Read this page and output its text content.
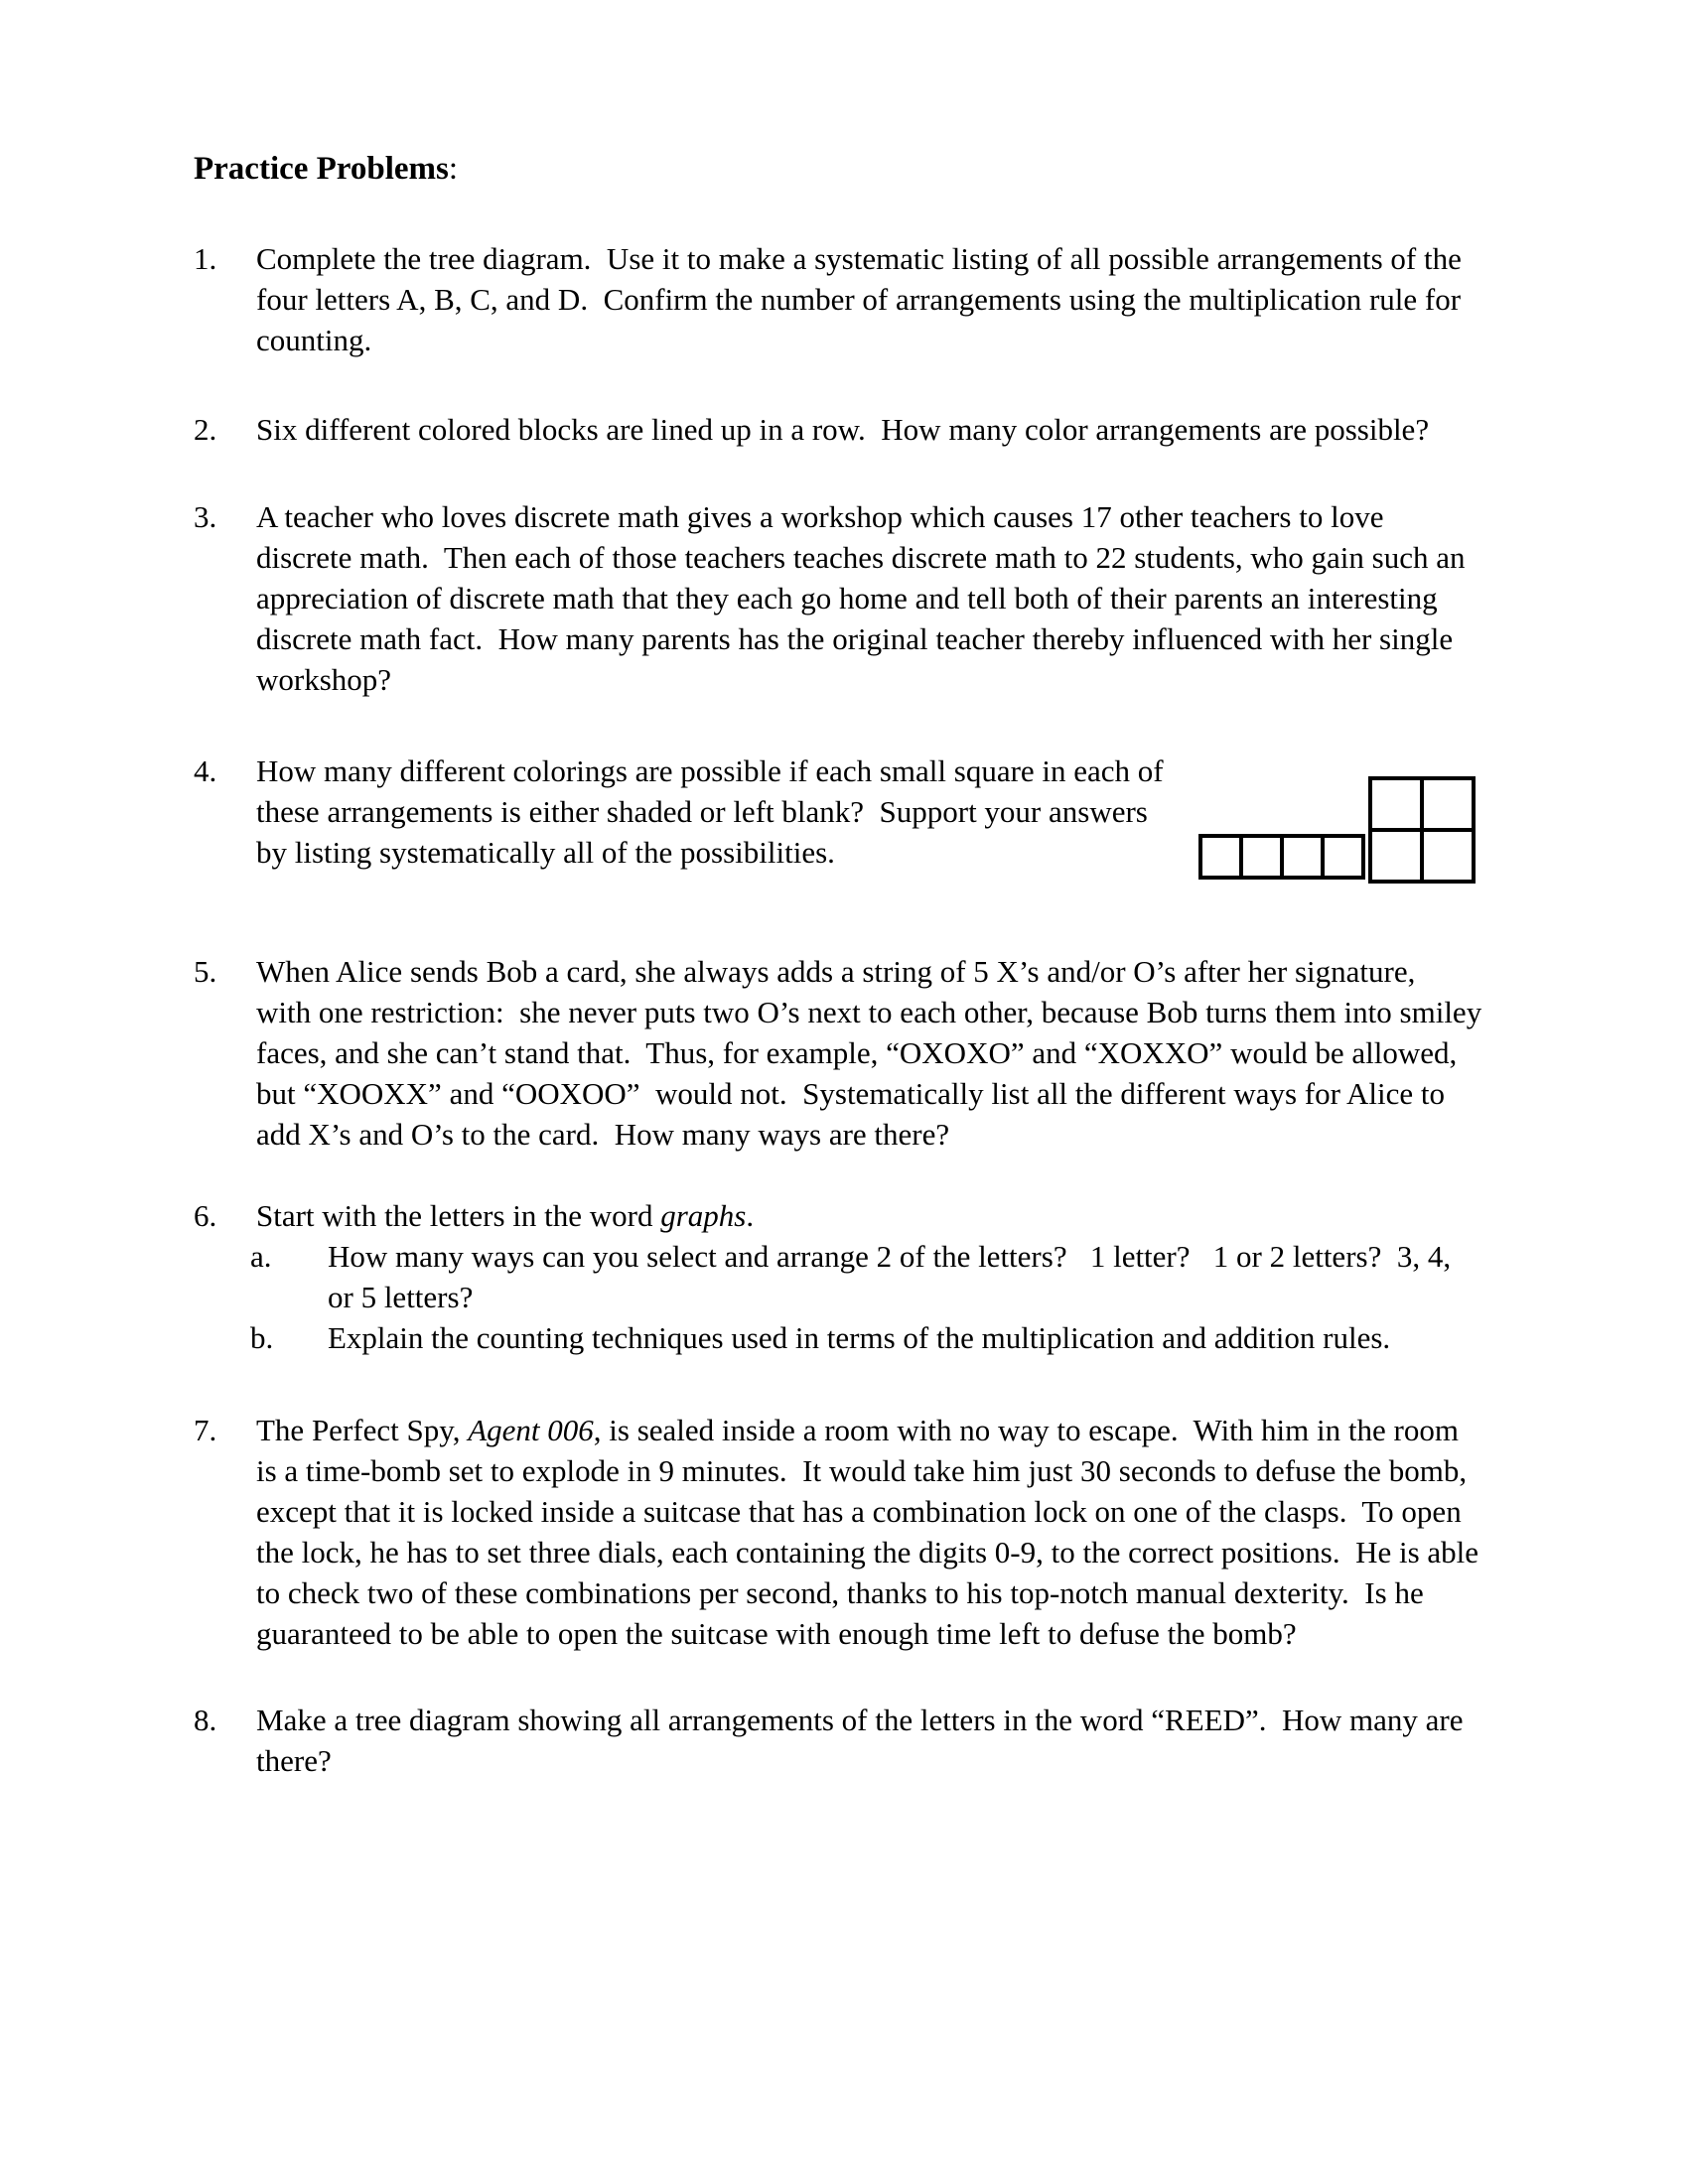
Practice Problems:
1.	Complete the tree diagram.  Use it to make a systematic listing of all possible arrangements of the
four letters A, B, C, and D.  Confirm the number of arrangements using the multiplication rule for
counting.
2.	Six different colored blocks are lined up in a row.  How many color arrangements are possible?
3.	A teacher who loves discrete math gives a workshop which causes 17 other teachers to love
discrete math.  Then each of those teachers teaches discrete math to 22 students, who gain such an
appreciation of discrete math that they each go home and tell both of their parents an interesting
discrete math fact.  How many parents has the original teacher thereby influenced with her single
workshop?
4.	How many different colorings are possible if each small square in each of
these arrangements is either shaded or left blank?  Support your answers
by listing systematically all of the possibilities.
5.	When Alice sends Bob a card, she always adds a string of 5 X’s and/or O’s after her signature,
with one restriction:  she never puts two O’s next to each other, because Bob turns them into smiley
faces, and she can’t stand that.  Thus, for example, “OXOXO” and “XOXXO” would be allowed,
but “XOOXX” and “OOXOO”  would not.  Systematically list all the different ways for Alice to
add X’s and O’s to the card.  How many ways are there?
6.	Start with the letters in the word graphs.
a.	How many ways can you select and arrange 2 of the letters?   1 letter?   1 or 2 letters?  3, 4,
or 5 letters?
b.	Explain the counting techniques used in terms of the multiplication and addition rules.
7.	The Perfect Spy, Agent 006, is sealed inside a room with no way to escape.  With him in the room
is a time-bomb set to explode in 9 minutes.  It would take him just 30 seconds to defuse the bomb,
except that it is locked inside a suitcase that has a combination lock on one of the clasps.  To open
the lock, he has to set three dials, each containing the digits 0-9, to the correct positions.  He is able
to check two of these combinations per second, thanks to his top-notch manual dexterity.  Is he
guaranteed to be able to open the suitcase with enough time left to defuse the bomb?
8.	Make a tree diagram showing all arrangements of the letters in the word “REED”.  How many are
there?
